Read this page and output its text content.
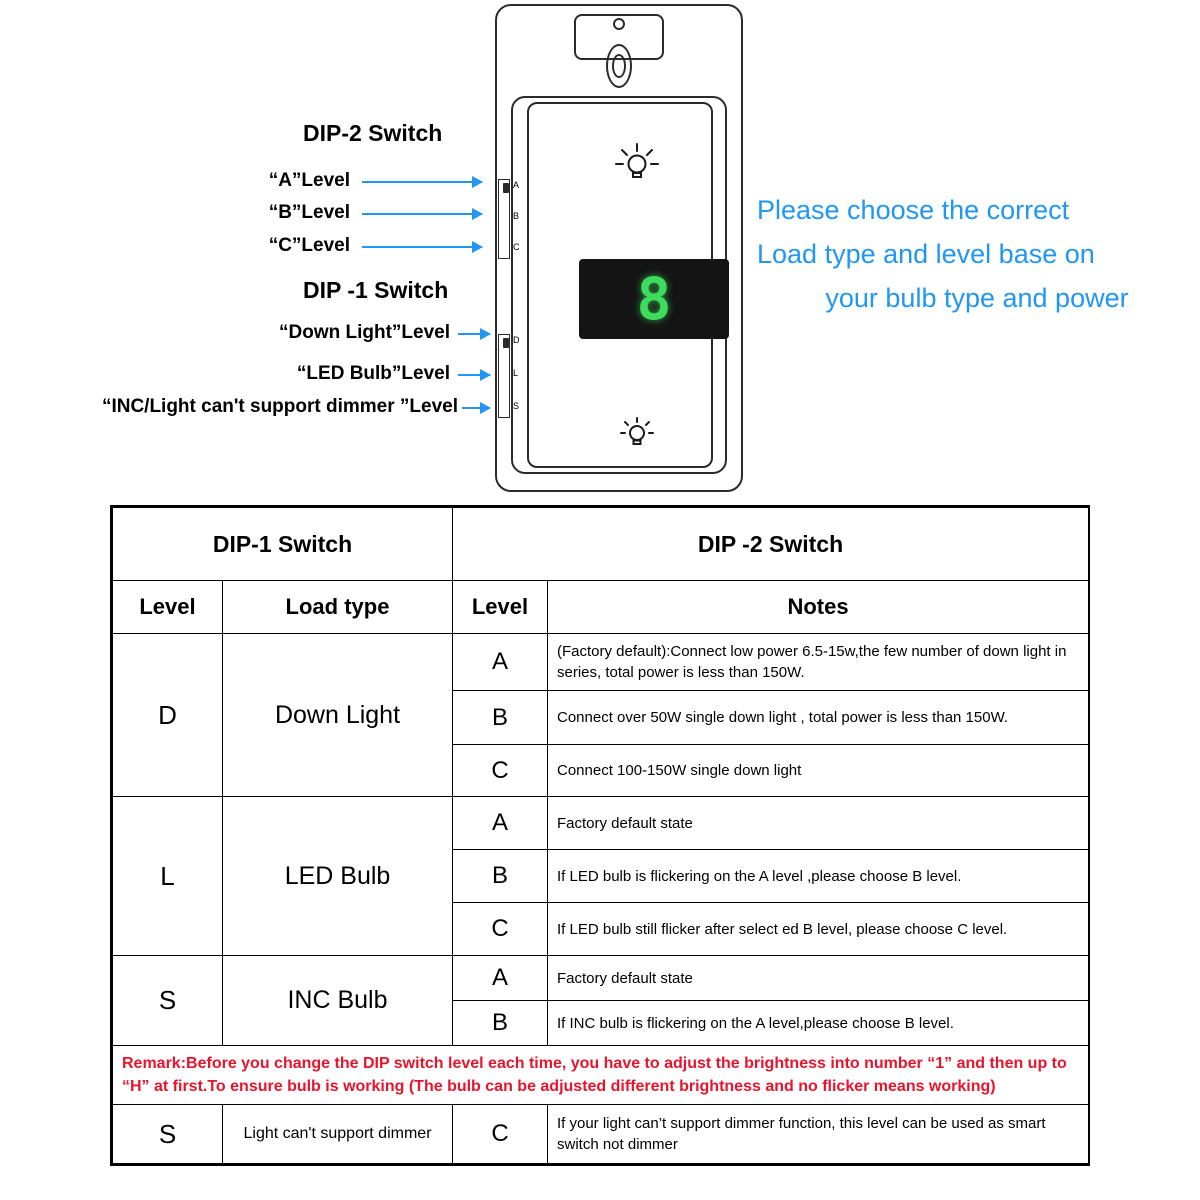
8
A
B
C
D
L
S
DIP-2 Switch
DIP -1 Switch
“A”Level
“B”Level
“C”Level
“Down Light”Level
“LED Bulb”Level
“INC/Light can't support dimmer ”Level
Please choose the correct
Load type and level base on
your bulb type and power
DIP-1 Switch		DIP -2 Switch	
Level	Load type	Level	Notes
D	Down Light	A	(Factory default):Connect low power 6.5-15w,the few number of down light in series, total power is less than 150W.
		B	Connect over 50W single down light , total power is less than 150W.
		C	Connect 100-150W single down light
L	LED Bulb	A	Factory default state
		B	If LED bulb is flickering on the A level ,please choose B level.
		C	If LED bulb still flicker after select ed B level, please choose C level.
S	INC Bulb	A	Factory default state
		B	If INC bulb is flickering on the A level,please choose B level.
Remark:Before you change the DIP switch level each time, you have to adjust the brightness into number “1” and then up to “H” at first.To ensure bulb is working (The bulb can be adjusted different brightness and no flicker means working)			
S	Light can't support dimmer	C	If your light can’t support dimmer function, this level can be used as smart switch not dimmer
